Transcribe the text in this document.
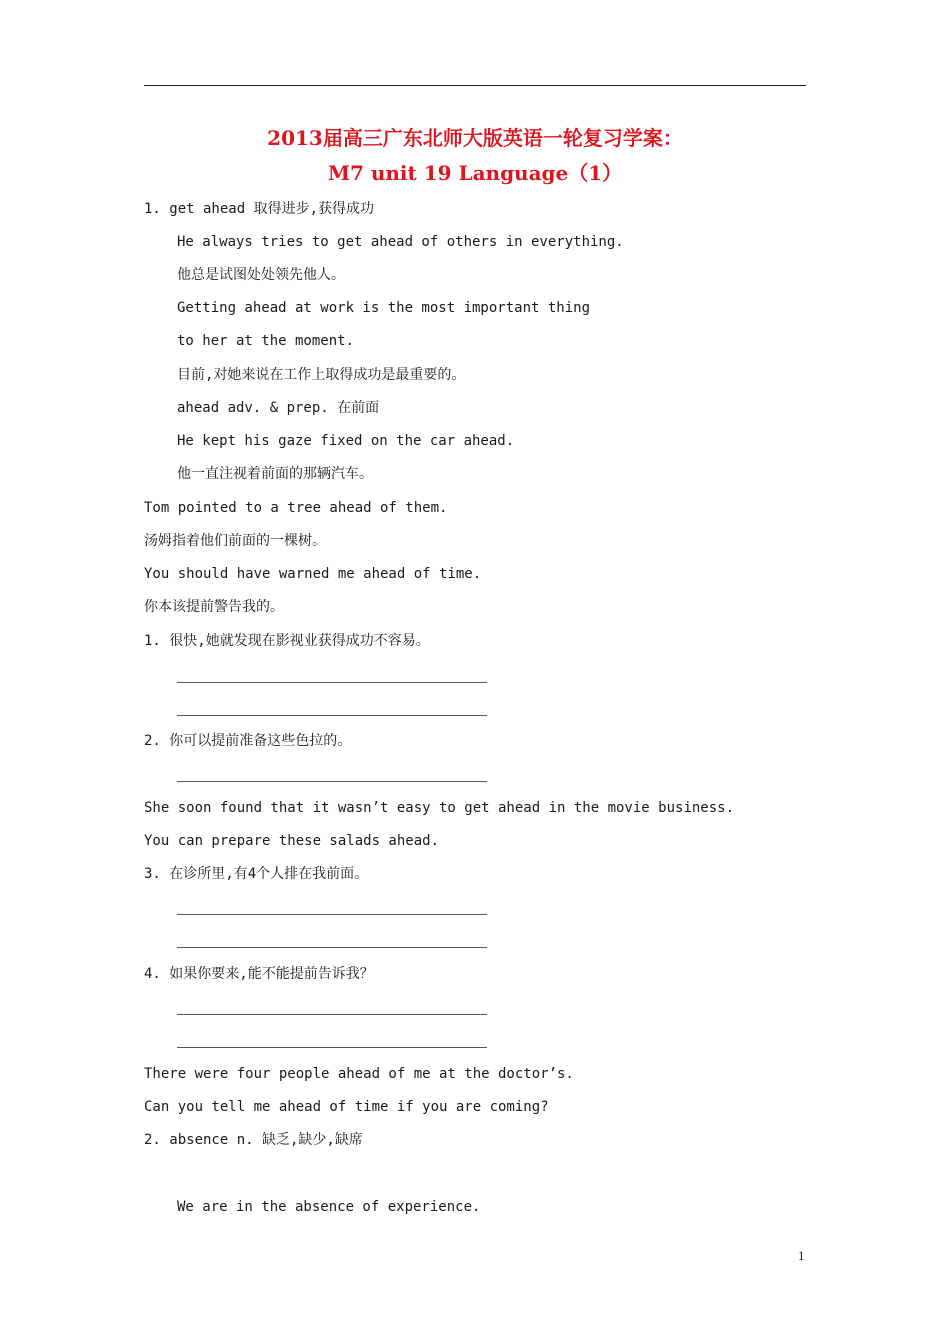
2013届高三广东北师大版英语一轮复习学案：
M7 unit 19 Language（1）
1. get ahead 取得进步,获得成功
He always tries to get ahead of others in everything.
他总是试图处处领先他人。
Getting ahead at work is the most important thing
to her at the moment.
目前,对她来说在工作上取得成功是最重要的。
ahead adv. & prep. 在前面
He kept his gaze fixed on the car ahead.
他一直注视着前面的那辆汽车。
Tom pointed to a tree ahead of them.
汤姆指着他们前面的一棵树。
You should have warned me ahead of time.
你本该提前警告我的。
1. 很快,她就发现在影视业获得成功不容易。
2. 你可以提前准备这些色拉的。
She soon found that it wasn’t easy to get ahead in the movie business.
You can prepare these salads ahead.
3. 在诊所里,有4个人排在我前面。
4. 如果你要来,能不能提前告诉我？
There were four people ahead of me at the doctor’s.
Can you tell me ahead of time if you are coming?
2. absence n. 缺乏,缺少,缺席
We are in the absence of experience.
1
